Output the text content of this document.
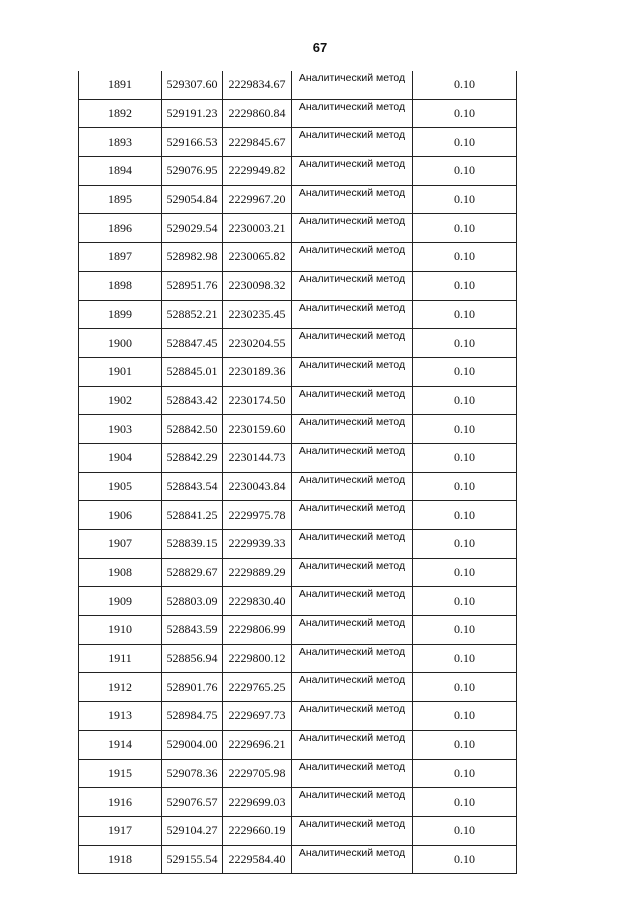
67
1891	529307.60	2229834.67	Аналитический метод	0.10
1892	529191.23	2229860.84	Аналитический метод	0.10
1893	529166.53	2229845.67	Аналитический метод	0.10
1894	529076.95	2229949.82	Аналитический метод	0.10
1895	529054.84	2229967.20	Аналитический метод	0.10
1896	529029.54	2230003.21	Аналитический метод	0.10
1897	528982.98	2230065.82	Аналитический метод	0.10
1898	528951.76	2230098.32	Аналитический метод	0.10
1899	528852.21	2230235.45	Аналитический метод	0.10
1900	528847.45	2230204.55	Аналитический метод	0.10
1901	528845.01	2230189.36	Аналитический метод	0.10
1902	528843.42	2230174.50	Аналитический метод	0.10
1903	528842.50	2230159.60	Аналитический метод	0.10
1904	528842.29	2230144.73	Аналитический метод	0.10
1905	528843.54	2230043.84	Аналитический метод	0.10
1906	528841.25	2229975.78	Аналитический метод	0.10
1907	528839.15	2229939.33	Аналитический метод	0.10
1908	528829.67	2229889.29	Аналитический метод	0.10
1909	528803.09	2229830.40	Аналитический метод	0.10
1910	528843.59	2229806.99	Аналитический метод	0.10
1911	528856.94	2229800.12	Аналитический метод	0.10
1912	528901.76	2229765.25	Аналитический метод	0.10
1913	528984.75	2229697.73	Аналитический метод	0.10
1914	529004.00	2229696.21	Аналитический метод	0.10
1915	529078.36	2229705.98	Аналитический метод	0.10
1916	529076.57	2229699.03	Аналитический метод	0.10
1917	529104.27	2229660.19	Аналитический метод	0.10
1918	529155.54	2229584.40	Аналитический метод	0.10
